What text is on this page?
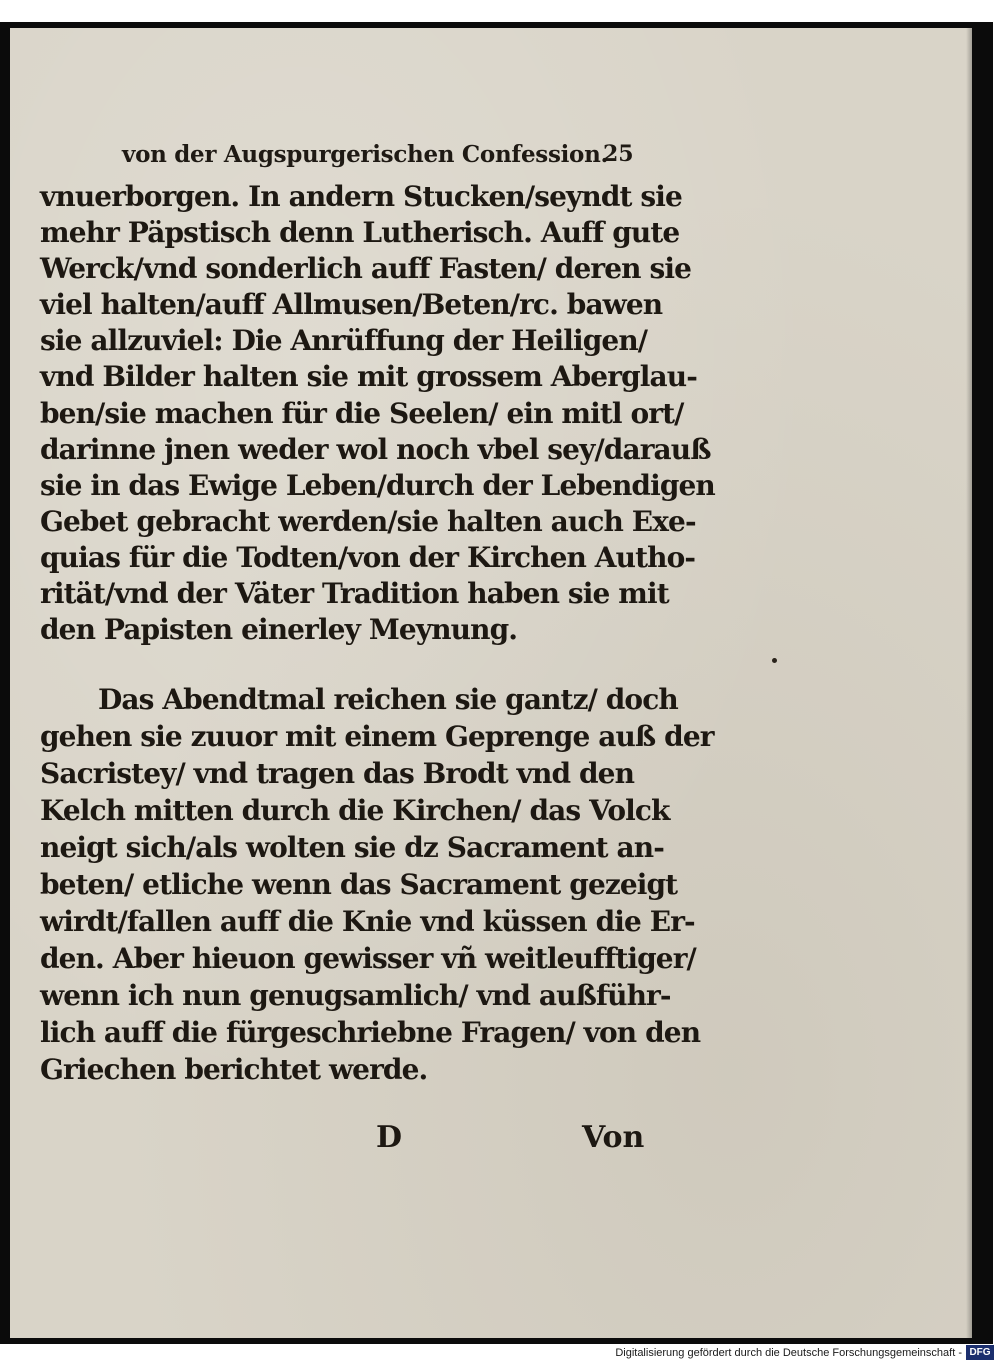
von der Augspurgerischen Confession.
25
vnuerborgen. In andern Stucken/seyndt sie
mehr Päpstisch denn Lutherisch. Auff gute
Werck/vnd sonderlich auff Fasten/ deren sie
viel halten/auff Allmusen/Beten/rc. bawen
sie allzuviel: Die Anrüffung der Heiligen/
vnd Bilder halten sie mit grossem Aberglau-
ben/sie machen für die Seelen/ ein mitl ort/
darinne jnen weder wol noch vbel sey/darauß
sie in das Ewige Leben/durch der Lebendigen
Gebet gebracht werden/sie halten auch Exe-
quias für die Todten/von der Kirchen Autho-
rität/vnd der Väter Tradition haben sie mit
den Papisten einerley Meynung.
Das Abendtmal reichen sie gantz/ doch
gehen sie zuuor mit einem Geprenge auß der
Sacristey/ vnd tragen das Brodt vnd den
Kelch mitten durch die Kirchen/ das Volck
neigt sich/als wolten sie dz Sacrament an-
beten/ etliche wenn das Sacrament gezeigt
wirdt/fallen auff die Knie vnd küssen die Er-
den. Aber hieuon gewisser vñ weitleufftiger/
wenn ich nun genugsamlich/ vnd außführ-
lich auff die fürgeschriebne Fragen/ von den
Griechen berichtet werde.
D	Von
Digitalisierung gefördert durch die Deutsche Forschungsgemeinschaft - DFG
